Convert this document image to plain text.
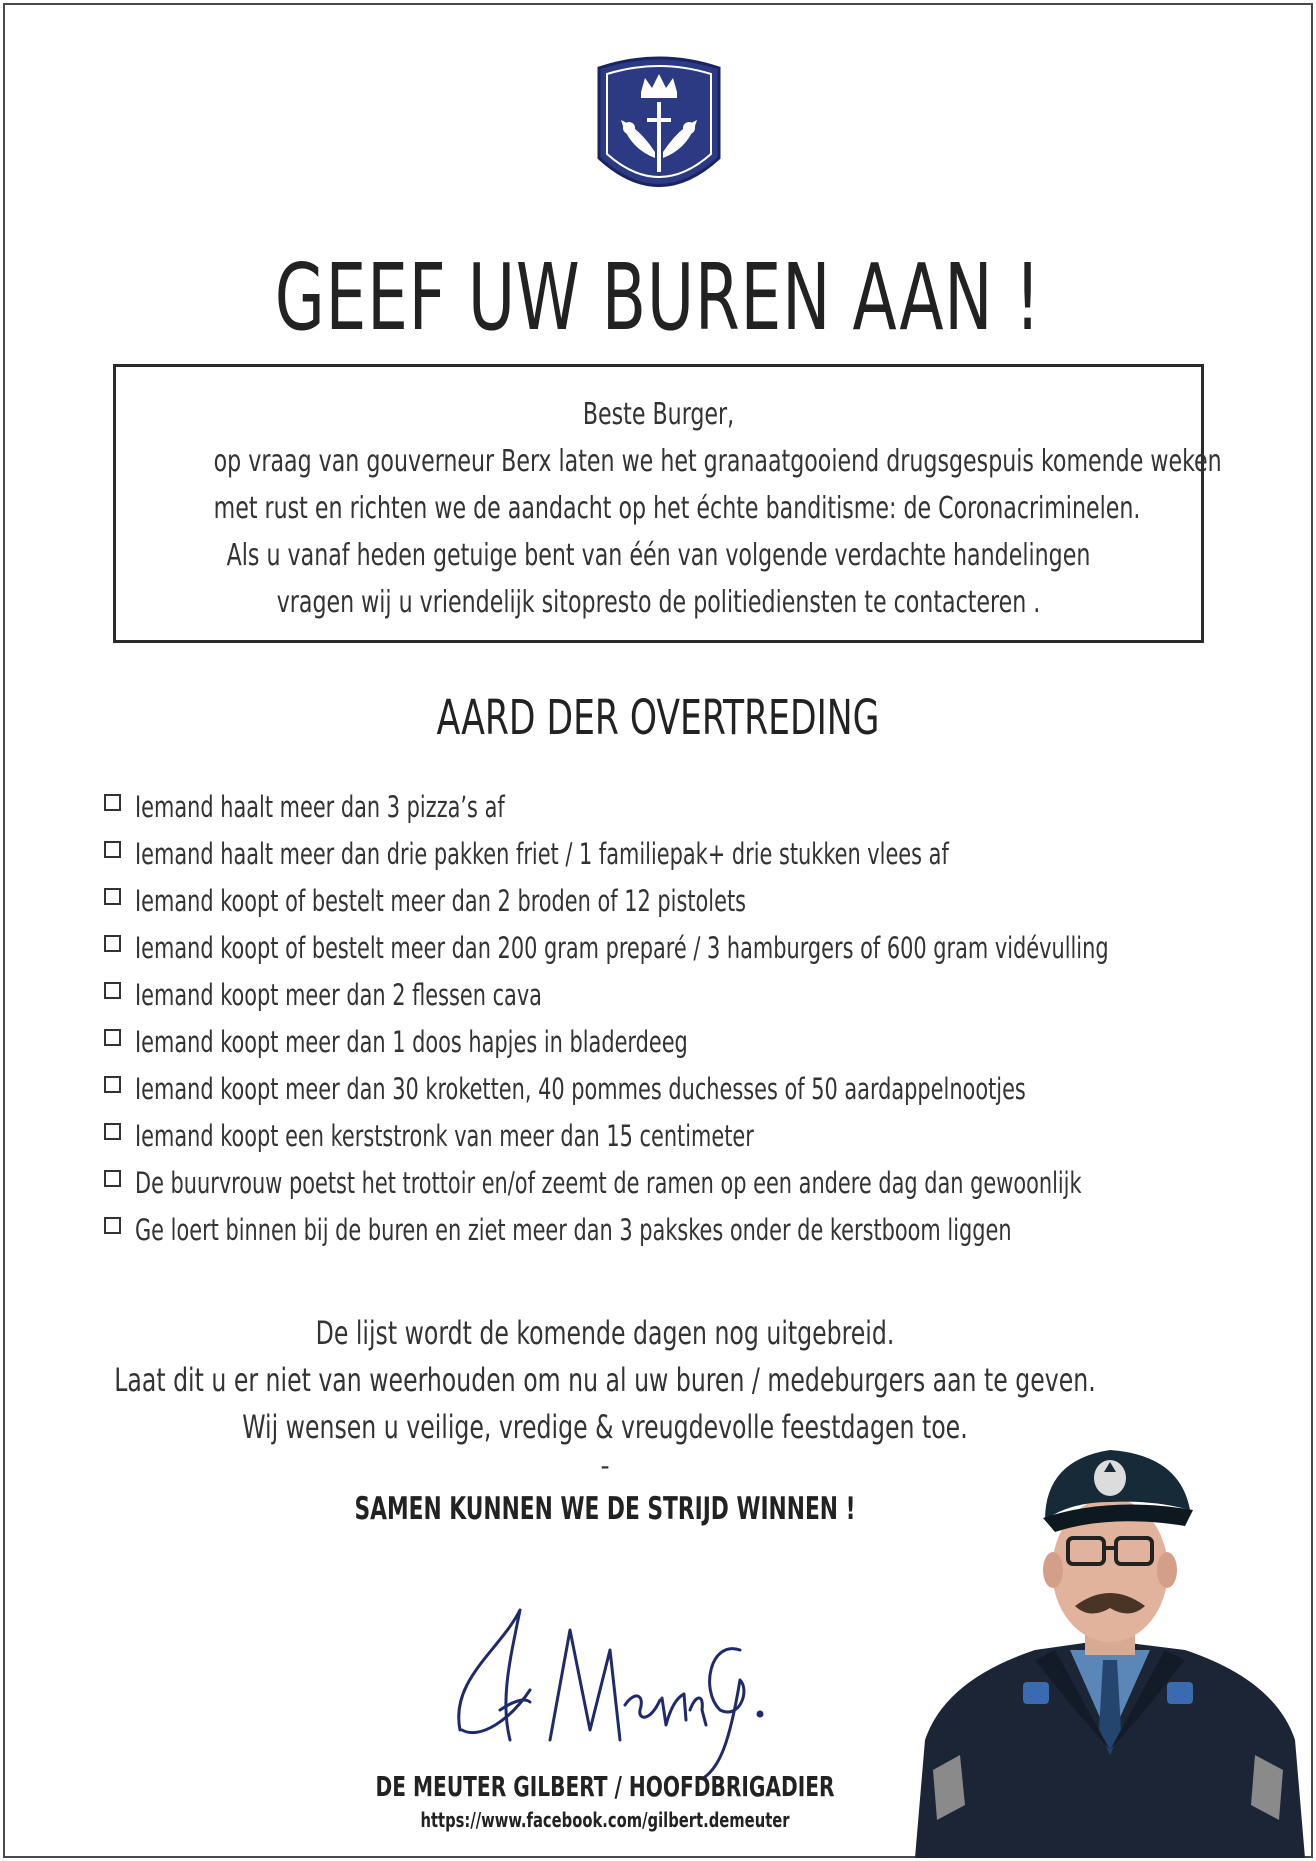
GEEF UW BUREN AAN !
Beste Burger,
op vraag van gouverneur Berx laten we het granaatgooiend drugsgespuis komende weken
met rust en richten we de aandacht op het échte banditisme: de Coronacriminelen.
Als u vanaf heden getuige bent van één van volgende verdachte handelingen
vragen wij u vriendelijk sitopresto de politiediensten te contacteren .
AARD DER OVERTREDING
Iemand haalt meer dan 3 pizza’s af
Iemand haalt meer dan drie pakken friet / 1 familiepak+ drie stukken vlees af
Iemand koopt of bestelt meer dan 2 broden of 12 pistolets
Iemand koopt of bestelt meer dan 200 gram preparé / 3 hamburgers of 600 gram vidévulling
Iemand koopt meer dan 2 flessen cava
Iemand koopt meer dan 1 doos hapjes in bladerdeeg
Iemand koopt meer dan 30 kroketten, 40 pommes duchesses of 50 aardappelnootjes
Iemand koopt een kerststronk van meer dan 15 centimeter
De buurvrouw poetst het trottoir en/of zeemt de ramen op een andere dag dan gewoonlijk
Ge loert binnen bij de buren en ziet meer dan 3 pakskes onder de kerstboom liggen
De lijst wordt de komende dagen nog uitgebreid.
Laat dit u er niet van weerhouden om nu al uw buren / medeburgers aan te geven.
Wij wensen u veilige, vredige & vreugdevolle feestdagen toe.
-
SAMEN KUNNEN WE DE STRIJD WINNEN !
DE MEUTER GILBERT / HOOFDBRIGADIER
https://www.facebook.com/gilbert.demeuter
